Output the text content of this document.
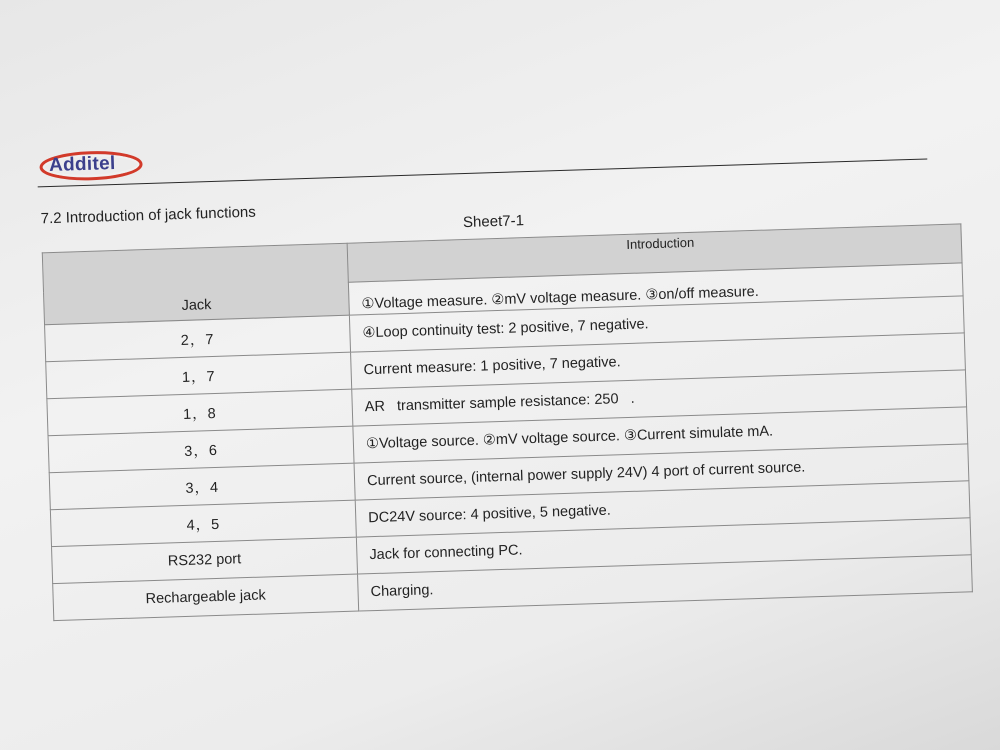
Additel
7.2 Introduction of jack functions	Sheet7-1
Jack	Introduction
	①Voltage measure. ②mV voltage measure. ③on/off measure.
2，7	④Loop continuity test: 2 positive, 7 negative.
1，7	Current measure: 1 positive, 7 negative.
1，8	AR   transmitter sample resistance: 250   .
3，6	①Voltage source. ②mV voltage source. ③Current simulate mA.
3，4	Current source, (internal power supply 24V) 4 port of current source.
4，5	DC24V source: 4 positive, 5 negative.
RS232 port	Jack for connecting PC.
Rechargeable jack	Charging.
